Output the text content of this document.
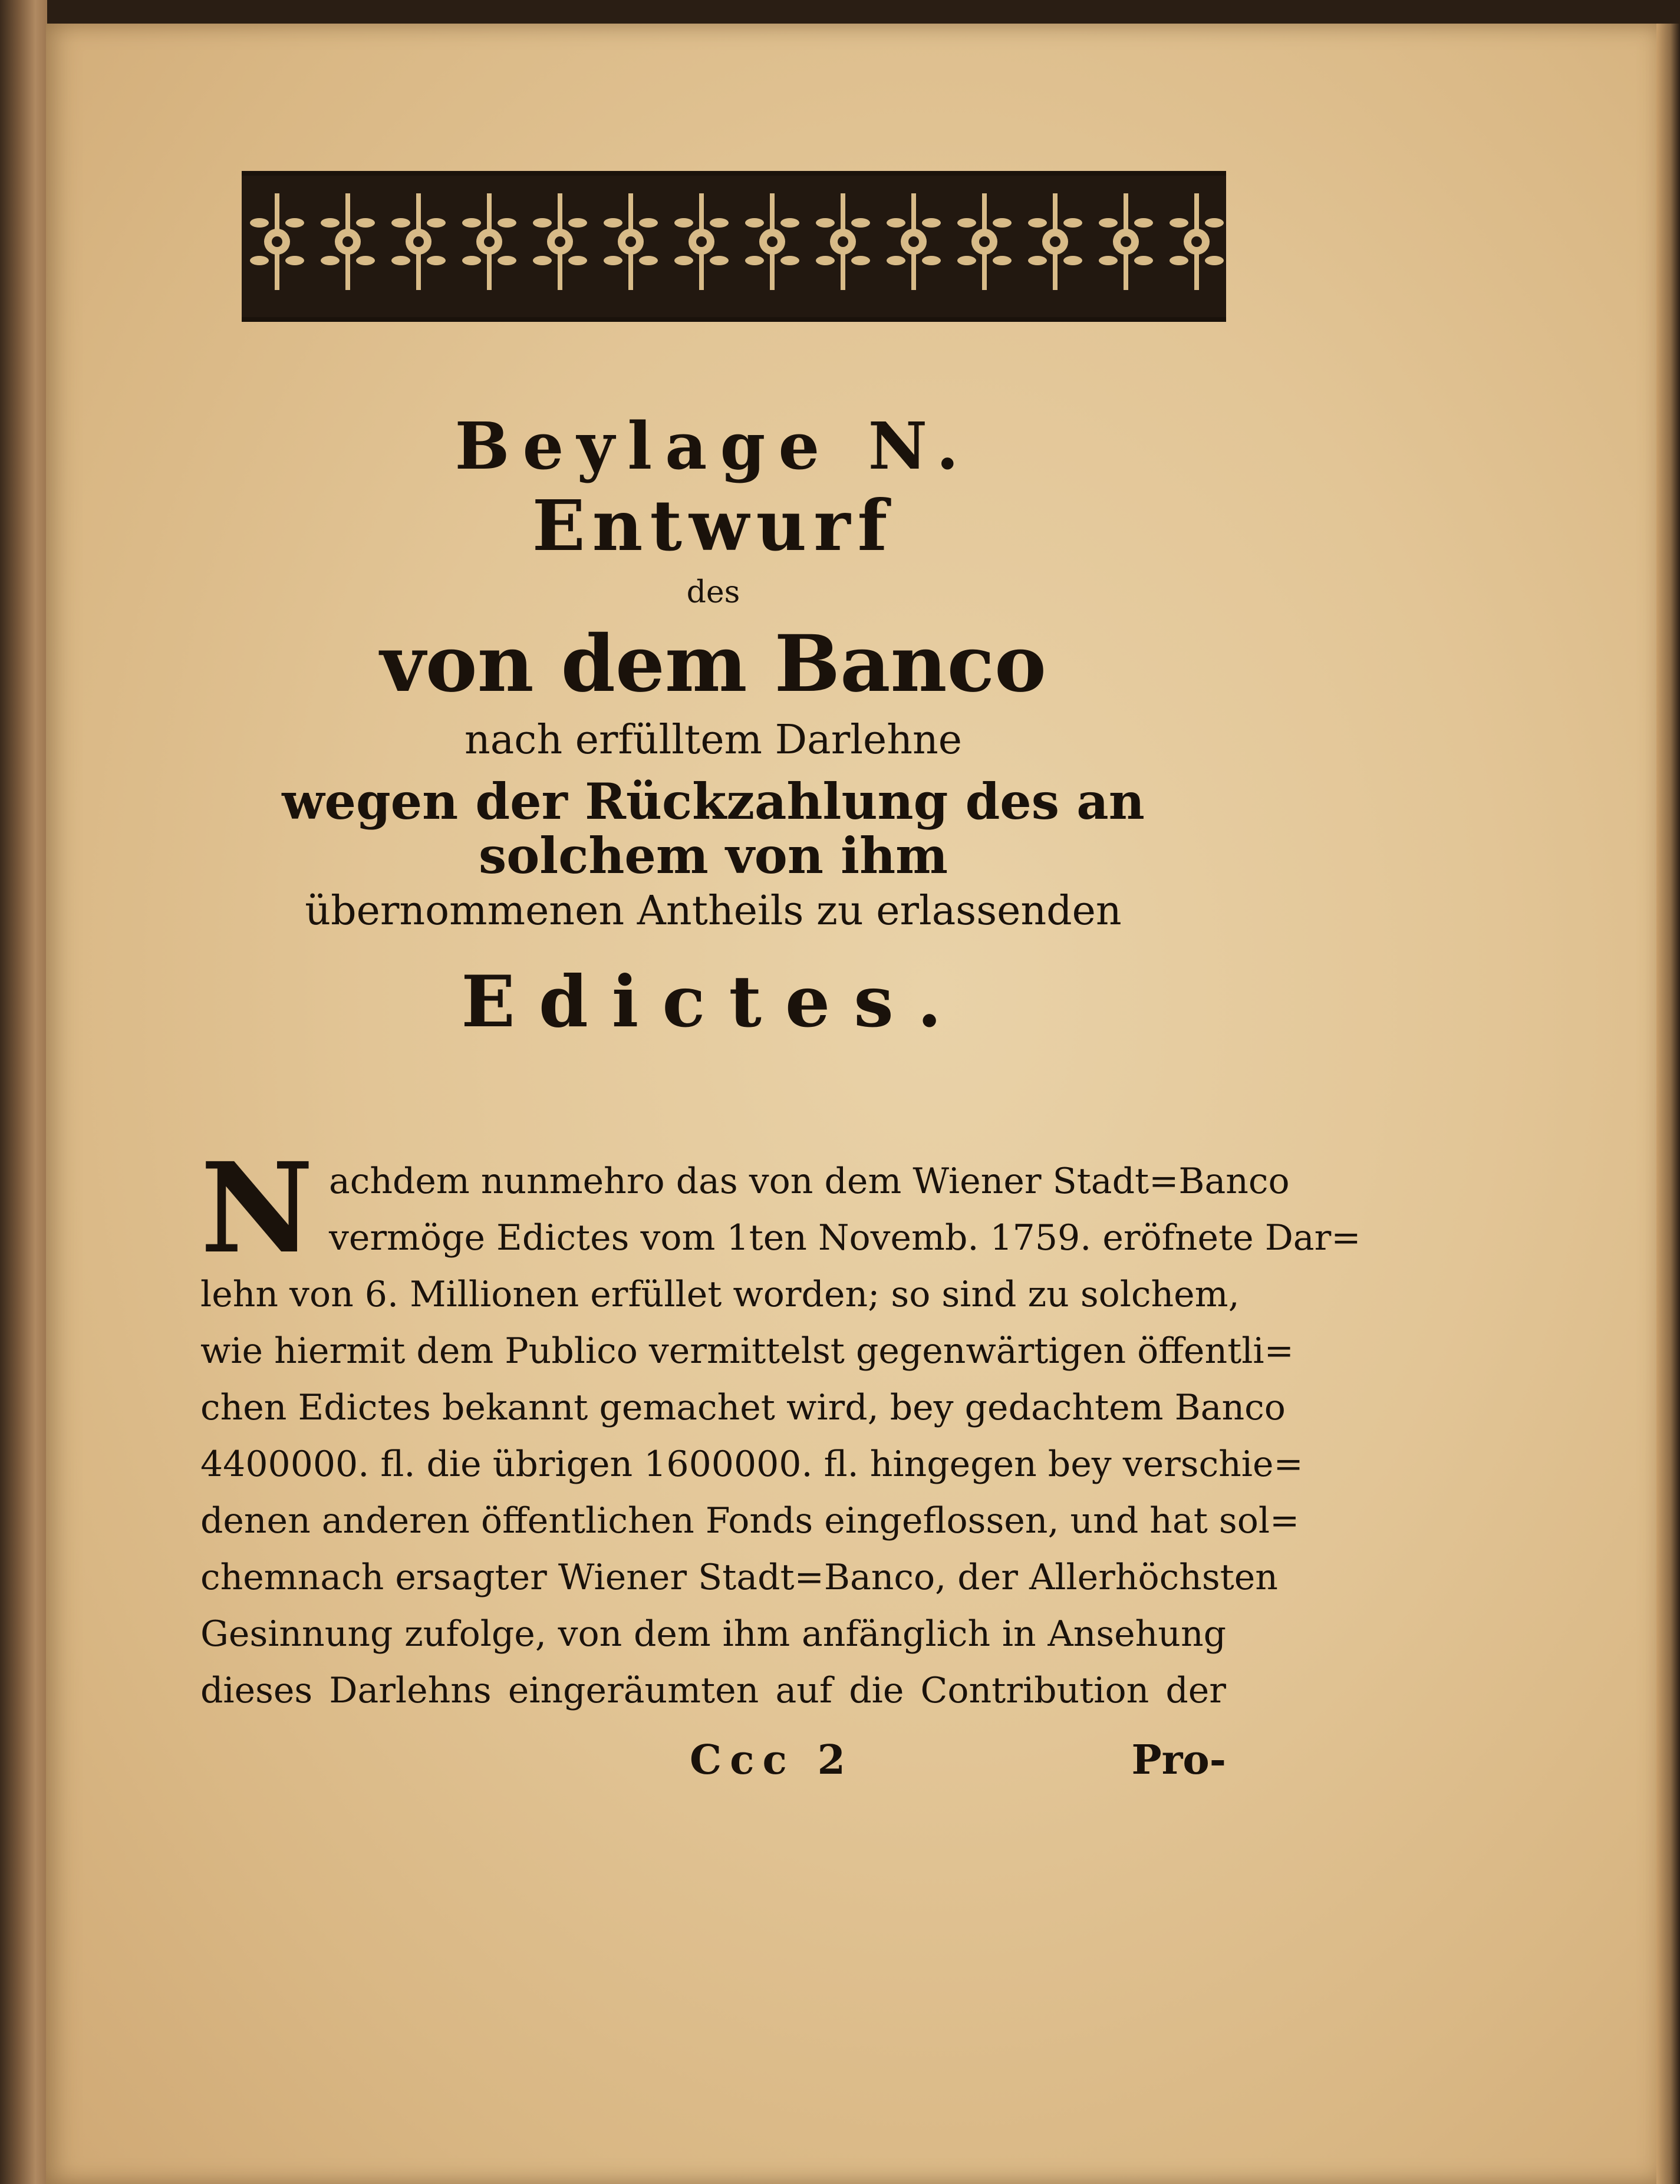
Beylage N.

Entwurf

des

von dem Banco

nach erfülltem Darlehne

wegen der Rückzahlung des an solchem von ihm

übernommenen Antheils zu erlassenden

Edictes.

N achdem nunmehro das von dem Wiener Stadt=Banco
vermöge Edictes vom 1ten Novemb. 1759. eröfnete Dar=
lehn von 6. Millionen erfüllet worden; so sind zu solchem,
wie hiermit dem Publico vermittelst gegenwärtigen öffentli=
chen Edictes bekannt gemachet wird, bey gedachtem Banco
4400000. fl. die übrigen 1600000. fl. hingegen bey verschie=
denen anderen öffentlichen Fonds eingeflossen, und hat sol=
chemnach ersagter Wiener Stadt=Banco, der Allerhöchsten
Gesinnung zufolge, von dem ihm anfänglich in Ansehung
dieses Darlehns eingeräumten auf die Contribution der
Ccc 2	Pro-
